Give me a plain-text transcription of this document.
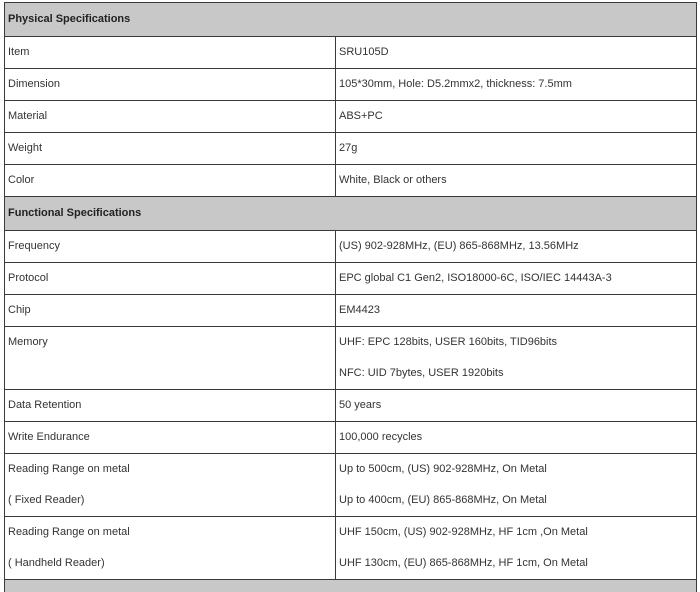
Physical Specifications	

Item	SRU105D

Dimension	105*30mm, Hole: D5.2mmx2, thickness: 7.5mm

Material	ABS+PC

Weight	27g

Color	White, Black or others

Functional Specifications	

Frequency	(US) 902-928MHz, (EU) 865-868MHz, 13.56MHz

Protocol	EPC global C1 Gen2, ISO18000-6C, ISO/IEC 14443A-3

Chip	EM4423

Memory	UHF: EPC 128bits, USER 160bits, TID96bits
NFC: UID 7bytes, USER 1920bits

Data Retention	50 years

Write Endurance	100,000 recycles

Reading Range on metal
( Fixed Reader)	Up to 500cm, (US) 902-928MHz, On Metal
Up to 400cm, (EU) 865-868MHz, On Metal

Reading Range on metal
( Handheld Reader)	UHF 150cm, (US) 902-928MHz, HF 1cm ,On Metal
UHF 130cm, (EU) 865-868MHz, HF 1cm, On Metal
